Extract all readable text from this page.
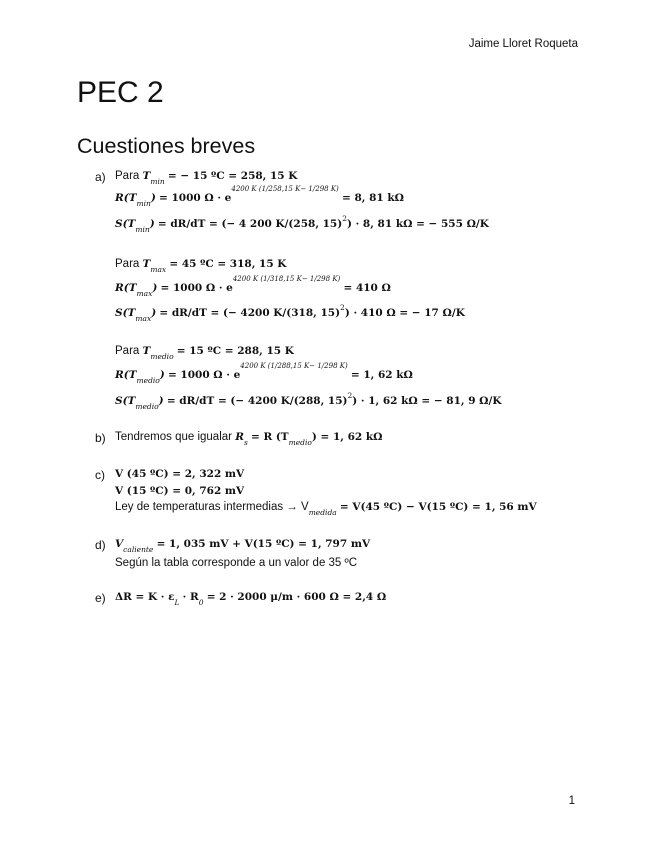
Jaime Lloret Roqueta
PEC 2
Cuestiones breves
a) Para $T_{min}$ = − 15 ºC = 258, 15 K
$R(T_{min}) = 1000$ $\Omega \cdot e^{4200 K (1/258,15 K- 1/298 K)} = 8$, 81 kΩ
$S(T_{min}) = dR/dT$ = (− 4 200 K/(258, 15)$^2$) · 8, 81 kΩ = − 555 Ω/K
Para $T_{max} = 45$ ºC = 318, 15 K
$R(T_{max}) = 1000$ $\Omega \cdot e^{4200 K (1/318,15 K- 1/298 K)} = 410$ Ω
$S(T_{max}) = dR/dT$ = (− 4200 K/(318, 15)$^2$) · 410 Ω = − 17 Ω/K
Para $T_{medio} = 15$ ºC = 288, 15 K
$R(T_{medio}) = 1000$ $\Omega \cdot e^{4200 K (1/288,15 K- 1/298 K)} = 1$, 62 kΩ
$S(T_{medio}) = dR/dT$ = (− 4200 K/(288, 15)$^2$) · 1, 62 kΩ = − 81, 9 Ω/K
b) Tendremos que igualar $R_s = R$ $(T_{medio}) = 1$, 62 kΩ
c) V (45 ºC) = 2, 322 mV
V (15 ºC) = 0, 762 mV
Ley de temperaturas intermedias → $V_{medida} = V(45$ ºC) − V(15 ºC) = 1, 56 mV
d) $V_{caliente} = 1$, 035 mV + V(15 ºC) = 1, 797 mV
Según la tabla corresponde a un valor de 35 ºC
e) $\Delta R = K \cdot \varepsilon_L \cdot R_0 = 2 \cdot 2000$ μ/m · 600 Ω = 2,4 Ω
1
